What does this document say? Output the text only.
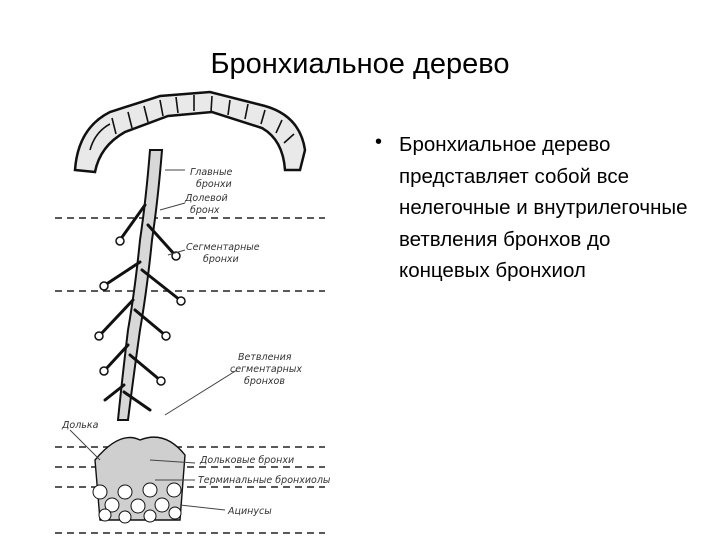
Бронхиальное дерево
• Бронхиальное дерево представляет собой все нелегочные и внутрилегочные ветвления бронхов до концевых бронхиол
Главные
бронхи
Долевой
бронх
Сегментарные
бронхи
Ветвления
сегментарных
бронхов
Долька
Дольковые бронхи
Терминальные бронхиолы
Ацинусы
